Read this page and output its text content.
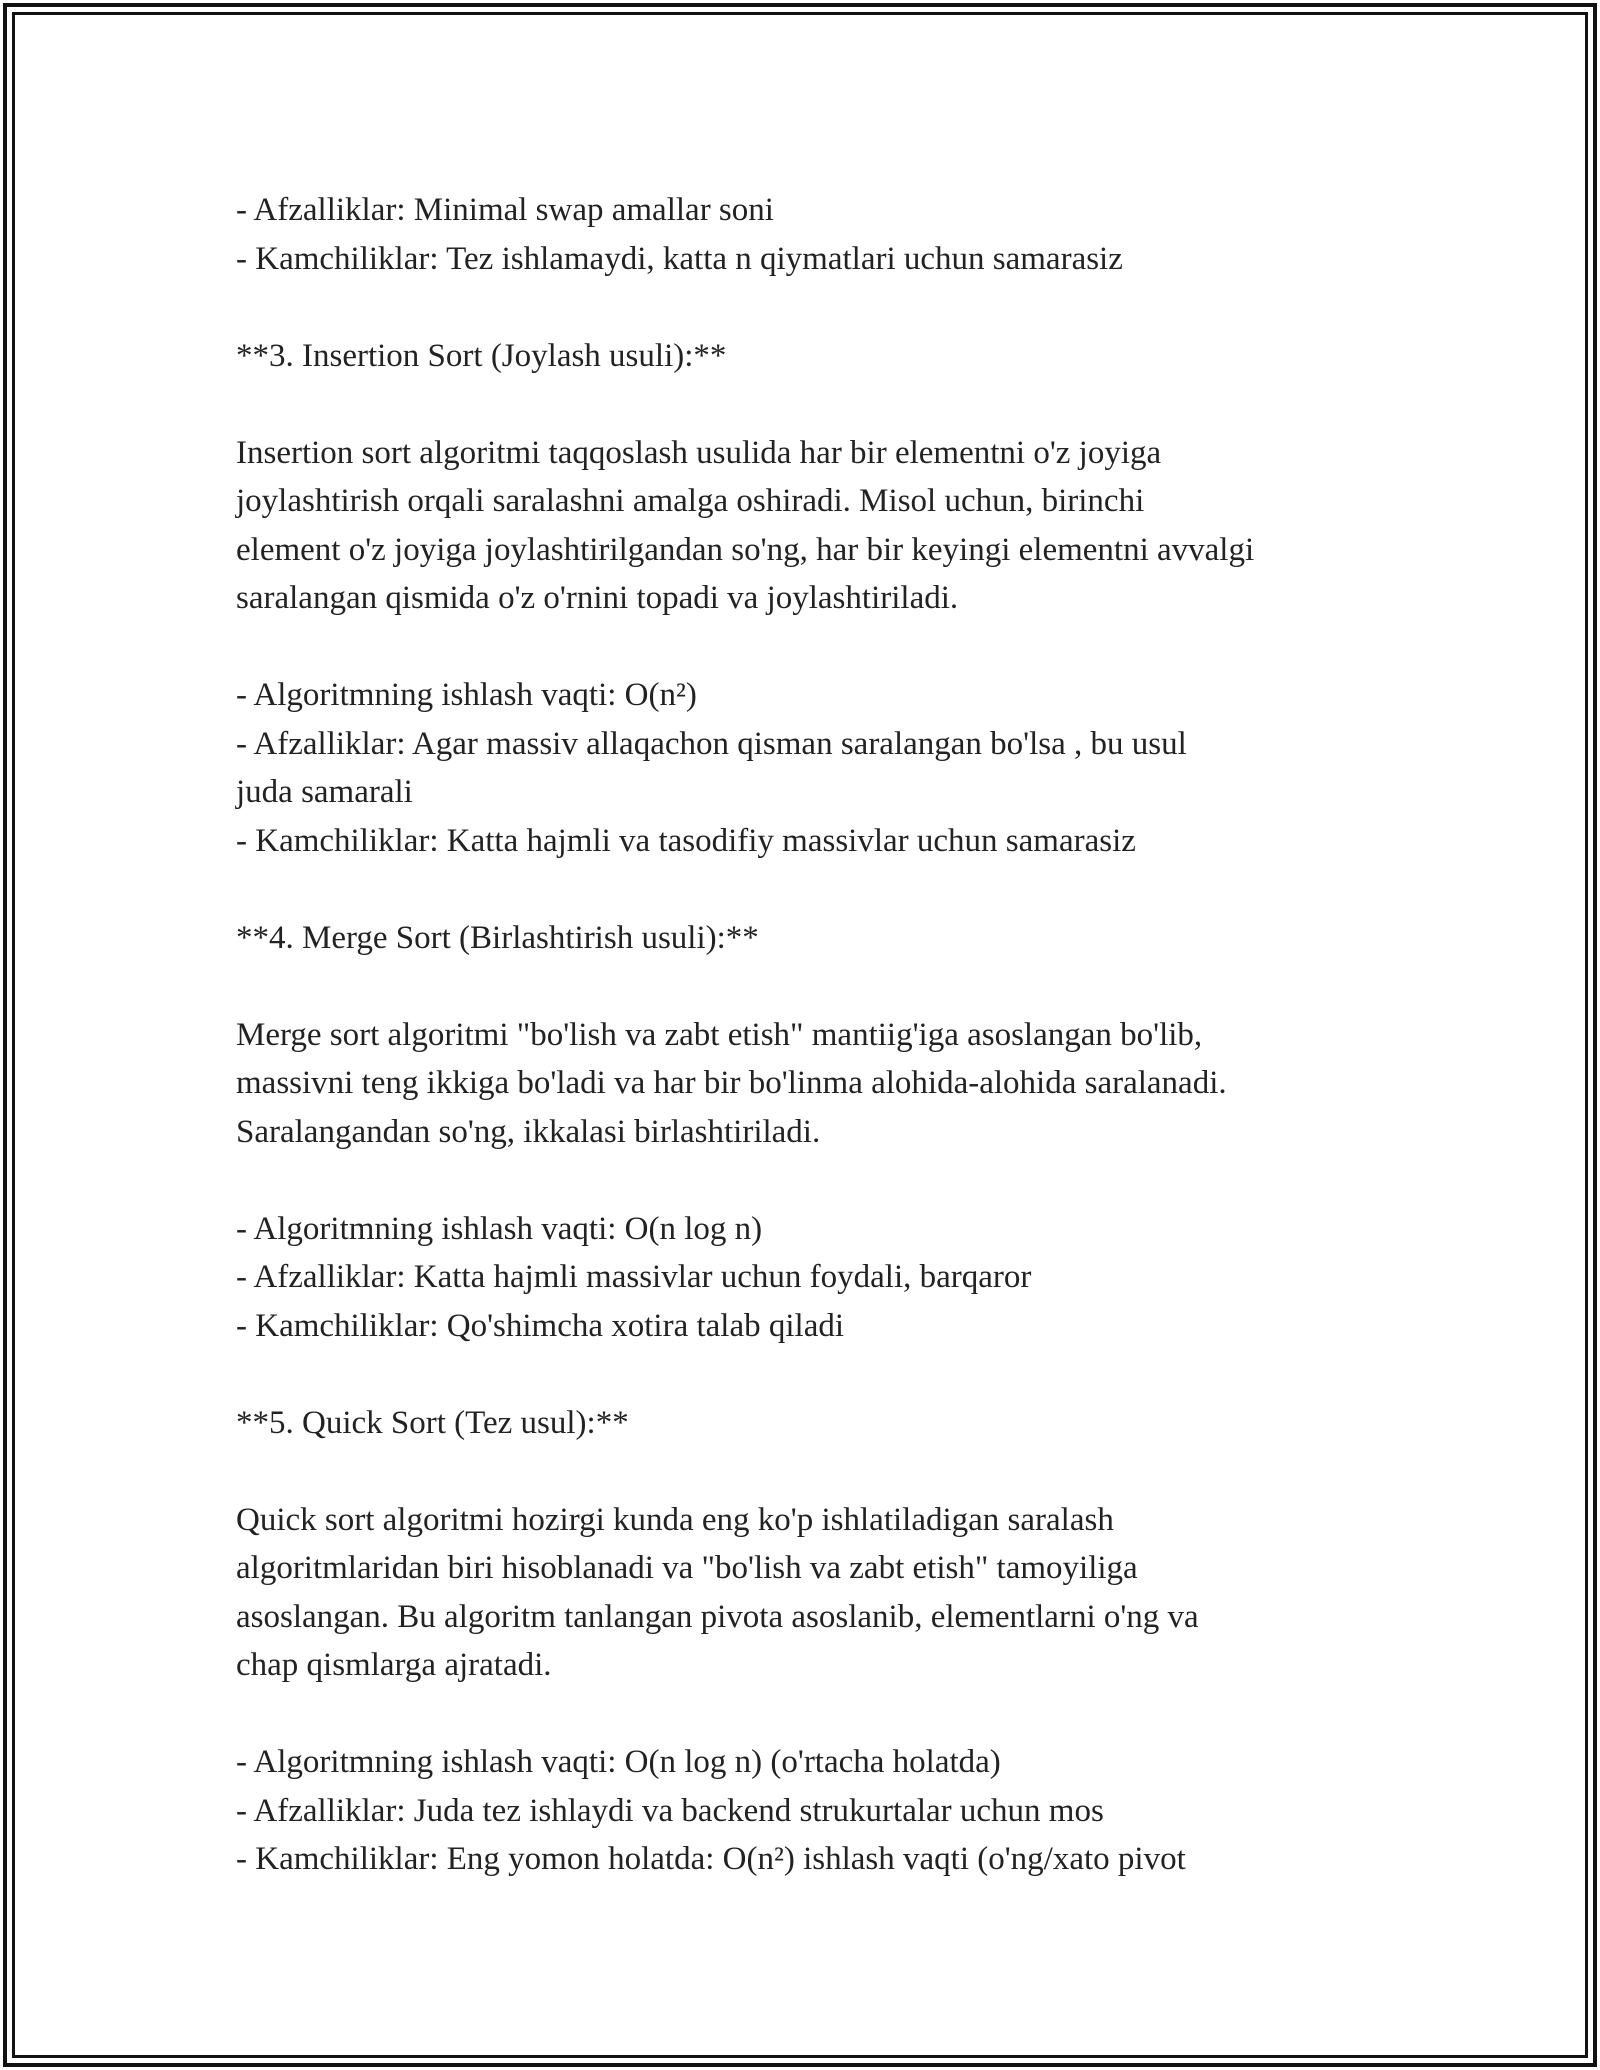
- Afzalliklar: Minimal swap amallar soni
- Kamchiliklar: Tez ishlamaydi, katta n qiymatlari uchun samarasiz
**3. Insertion Sort (Joylash usuli):**
Insertion sort algoritmi taqqoslash usulida har bir elementni o'z joyiga
joylashtirish orqali saralashni amalga oshiradi. Misol uchun, birinchi
element o'z joyiga joylashtirilgandan so'ng, har bir keyingi elementni avvalgi
saralangan qismida o'z o'rnini topadi va joylashtiriladi.
- Algoritmning ishlash vaqti: O(n²)
- Afzalliklar: Agar massiv allaqachon qisman saralangan bo'lsa , bu usul
juda samarali
- Kamchiliklar: Katta hajmli va tasodifiy massivlar uchun samarasiz
**4. Merge Sort (Birlashtirish usuli):**
Merge sort algoritmi "bo'lish va zabt etish" mantiig'iga asoslangan bo'lib,
massivni teng ikkiga bo'ladi va har bir bo'linma alohida-alohida saralanadi.
Saralangandan so'ng, ikkalasi birlashtiriladi.
- Algoritmning ishlash vaqti: O(n log n)
- Afzalliklar: Katta hajmli massivlar uchun foydali, barqaror
- Kamchiliklar: Qo'shimcha xotira talab qiladi
**5. Quick Sort (Tez usul):**
Quick sort algoritmi hozirgi kunda eng ko'p ishlatiladigan saralash
algoritmlaridan biri hisoblanadi va "bo'lish va zabt etish" tamoyiliga
asoslangan. Bu algoritm tanlangan pivota asoslanib, elementlarni o'ng va
chap qismlarga ajratadi.
- Algoritmning ishlash vaqti: O(n log n) (o'rtacha holatda)
- Afzalliklar: Juda tez ishlaydi va backend strukurtalar uchun mos
- Kamchiliklar: Eng yomon holatda: O(n²) ishlash vaqti (o'ng/xato pivot
